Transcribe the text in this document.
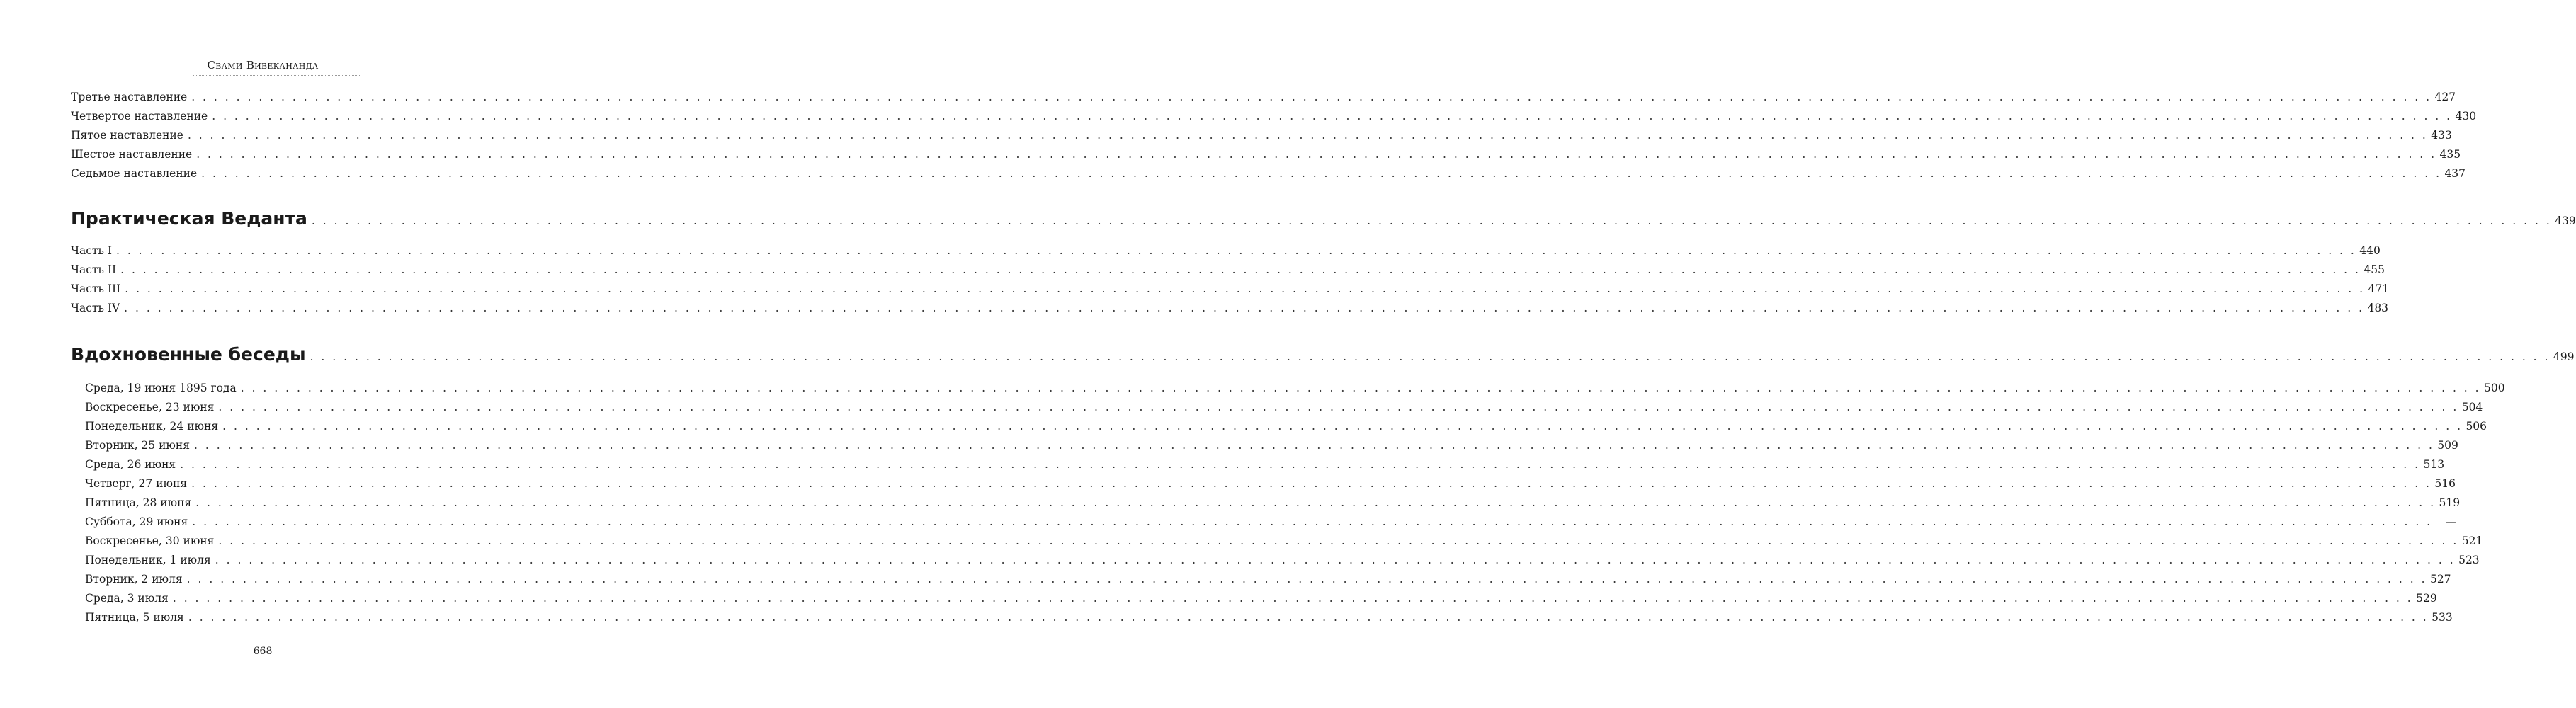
Свами Вивекананда
Третье наставление . . . . . . . . . . . . . . . . . . . . . . . . . . . . . . . . . . . . . . . . . . . . . . . . . . . . . . . . . . . . . . . . . . . . . . . . . . . . . . . . . . . . . . . . . . . . . . . . . . . . . . . . . . . . . . . . . . . . . . . . . . . . . . . . . . . . . . . . . . . . . . . . . . . . . . . . . . . . . . . . . . . . . . . . . . . . . . . . . . . . . . . . . . . . . . . . . . . . . . . . 427
Четвертое наставление . . . . . . . . . . . . . . . . . . . . . . . . . . . . . . . . . . . . . . . . . . . . . . . . . . . . . . . . . . . . . . . . . . . . . . . . . . . . . . . . . . . . . . . . . . . . . . . . . . . . . . . . . . . . . . . . . . . . . . . . . . . . . . . . . . . . . . . . . . . . . . . . . . . . . . . . . . . . . . . . . . . . . . . . . . . . . . . . . . . . . . . . . . . . . . . . . . . . . . . . 430
Пятое наставление . . . . . . . . . . . . . . . . . . . . . . . . . . . . . . . . . . . . . . . . . . . . . . . . . . . . . . . . . . . . . . . . . . . . . . . . . . . . . . . . . . . . . . . . . . . . . . . . . . . . . . . . . . . . . . . . . . . . . . . . . . . . . . . . . . . . . . . . . . . . . . . . . . . . . . . . . . . . . . . . . . . . . . . . . . . . . . . . . . . . . . . . . . . . . . . . . . . . . . . . 433
Шестое наставление . . . . . . . . . . . . . . . . . . . . . . . . . . . . . . . . . . . . . . . . . . . . . . . . . . . . . . . . . . . . . . . . . . . . . . . . . . . . . . . . . . . . . . . . . . . . . . . . . . . . . . . . . . . . . . . . . . . . . . . . . . . . . . . . . . . . . . . . . . . . . . . . . . . . . . . . . . . . . . . . . . . . . . . . . . . . . . . . . . . . . . . . . . . . . . . . . . . . . . . . 435
Седьмое наставление . . . . . . . . . . . . . . . . . . . . . . . . . . . . . . . . . . . . . . . . . . . . . . . . . . . . . . . . . . . . . . . . . . . . . . . . . . . . . . . . . . . . . . . . . . . . . . . . . . . . . . . . . . . . . . . . . . . . . . . . . . . . . . . . . . . . . . . . . . . . . . . . . . . . . . . . . . . . . . . . . . . . . . . . . . . . . . . . . . . . . . . . . . . . . . . . . . . . . . . . 437
Практическая Веданта . . . . . . . . . . . . . . . . . . . . . . . . . . . . . . . . . . . . . . . . . . . . . . . . . . . . . . . . . . . . . . . . . . . . . . . . . . . . . . . . . . . . . . . . . . . . . . . . . . . . . . . . . . . . . . . . . . . . . . . . . . . . . . . . . . . . . . . . . . . . . . . . . . . . . . . . . . . . . . . . . . . . . . . . . . . . . . . . . . . . . . . . . . . . . . . . . . . . . . . . 439
Часть I . . . . . . . . . . . . . . . . . . . . . . . . . . . . . . . . . . . . . . . . . . . . . . . . . . . . . . . . . . . . . . . . . . . . . . . . . . . . . . . . . . . . . . . . . . . . . . . . . . . . . . . . . . . . . . . . . . . . . . . . . . . . . . . . . . . . . . . . . . . . . . . . . . . . . . . . . . . . . . . . . . . . . . . . . . . . . . . . . . . . . . . . . . . . . . . . . . . . . . . . 440
Часть II . . . . . . . . . . . . . . . . . . . . . . . . . . . . . . . . . . . . . . . . . . . . . . . . . . . . . . . . . . . . . . . . . . . . . . . . . . . . . . . . . . . . . . . . . . . . . . . . . . . . . . . . . . . . . . . . . . . . . . . . . . . . . . . . . . . . . . . . . . . . . . . . . . . . . . . . . . . . . . . . . . . . . . . . . . . . . . . . . . . . . . . . . . . . . . . . . . . . . . . . 455
Часть III . . . . . . . . . . . . . . . . . . . . . . . . . . . . . . . . . . . . . . . . . . . . . . . . . . . . . . . . . . . . . . . . . . . . . . . . . . . . . . . . . . . . . . . . . . . . . . . . . . . . . . . . . . . . . . . . . . . . . . . . . . . . . . . . . . . . . . . . . . . . . . . . . . . . . . . . . . . . . . . . . . . . . . . . . . . . . . . . . . . . . . . . . . . . . . . . . . . . . . . . 471
Часть IV . . . . . . . . . . . . . . . . . . . . . . . . . . . . . . . . . . . . . . . . . . . . . . . . . . . . . . . . . . . . . . . . . . . . . . . . . . . . . . . . . . . . . . . . . . . . . . . . . . . . . . . . . . . . . . . . . . . . . . . . . . . . . . . . . . . . . . . . . . . . . . . . . . . . . . . . . . . . . . . . . . . . . . . . . . . . . . . . . . . . . . . . . . . . . . . . . . . . . . . . 483
Вдохновенные беседы . . . . . . . . . . . . . . . . . . . . . . . . . . . . . . . . . . . . . . . . . . . . . . . . . . . . . . . . . . . . . . . . . . . . . . . . . . . . . . . . . . . . . . . . . . . . . . . . . . . . . . . . . . . . . . . . . . . . . . . . . . . . . . . . . . . . . . . . . . . . . . . . . . . . . . . . . . . . . . . . . . . . . . . . . . . . . . . . . . . . . . . . . . . . . . . . . . . . . . . . 499
Среда, 19 июня 1895 года . . . . . . . . . . . . . . . . . . . . . . . . . . . . . . . . . . . . . . . . . . . . . . . . . . . . . . . . . . . . . . . . . . . . . . . . . . . . . . . . . . . . . . . . . . . . . . . . . . . . . . . . . . . . . . . . . . . . . . . . . . . . . . . . . . . . . . . . . . . . . . . . . . . . . . . . . . . . . . . . . . . . . . . . . . . . . . . . . . . . . . . . . . . . . . . . . . . . . . . . 500
Воскресенье, 23 июня . . . . . . . . . . . . . . . . . . . . . . . . . . . . . . . . . . . . . . . . . . . . . . . . . . . . . . . . . . . . . . . . . . . . . . . . . . . . . . . . . . . . . . . . . . . . . . . . . . . . . . . . . . . . . . . . . . . . . . . . . . . . . . . . . . . . . . . . . . . . . . . . . . . . . . . . . . . . . . . . . . . . . . . . . . . . . . . . . . . . . . . . . . . . . . . . . . . . . . . . 504
Понедельник, 24 июня . . . . . . . . . . . . . . . . . . . . . . . . . . . . . . . . . . . . . . . . . . . . . . . . . . . . . . . . . . . . . . . . . . . . . . . . . . . . . . . . . . . . . . . . . . . . . . . . . . . . . . . . . . . . . . . . . . . . . . . . . . . . . . . . . . . . . . . . . . . . . . . . . . . . . . . . . . . . . . . . . . . . . . . . . . . . . . . . . . . . . . . . . . . . . . . . . . . . . . . . 506
Вторник, 25 июня . . . . . . . . . . . . . . . . . . . . . . . . . . . . . . . . . . . . . . . . . . . . . . . . . . . . . . . . . . . . . . . . . . . . . . . . . . . . . . . . . . . . . . . . . . . . . . . . . . . . . . . . . . . . . . . . . . . . . . . . . . . . . . . . . . . . . . . . . . . . . . . . . . . . . . . . . . . . . . . . . . . . . . . . . . . . . . . . . . . . . . . . . . . . . . . . . . . . . . . . 509
Среда, 26 июня . . . . . . . . . . . . . . . . . . . . . . . . . . . . . . . . . . . . . . . . . . . . . . . . . . . . . . . . . . . . . . . . . . . . . . . . . . . . . . . . . . . . . . . . . . . . . . . . . . . . . . . . . . . . . . . . . . . . . . . . . . . . . . . . . . . . . . . . . . . . . . . . . . . . . . . . . . . . . . . . . . . . . . . . . . . . . . . . . . . . . . . . . . . . . . . . . . . . . . . . 513
Четверг, 27 июня . . . . . . . . . . . . . . . . . . . . . . . . . . . . . . . . . . . . . . . . . . . . . . . . . . . . . . . . . . . . . . . . . . . . . . . . . . . . . . . . . . . . . . . . . . . . . . . . . . . . . . . . . . . . . . . . . . . . . . . . . . . . . . . . . . . . . . . . . . . . . . . . . . . . . . . . . . . . . . . . . . . . . . . . . . . . . . . . . . . . . . . . . . . . . . . . . . . . . . . . 516
Пятница, 28 июня . . . . . . . . . . . . . . . . . . . . . . . . . . . . . . . . . . . . . . . . . . . . . . . . . . . . . . . . . . . . . . . . . . . . . . . . . . . . . . . . . . . . . . . . . . . . . . . . . . . . . . . . . . . . . . . . . . . . . . . . . . . . . . . . . . . . . . . . . . . . . . . . . . . . . . . . . . . . . . . . . . . . . . . . . . . . . . . . . . . . . . . . . . . . . . . . . . . . . . . . 519
Суббота, 29 июня . . . . . . . . . . . . . . . . . . . . . . . . . . . . . . . . . . . . . . . . . . . . . . . . . . . . . . . . . . . . . . . . . . . . . . . . . . . . . . . . . . . . . . . . . . . . . . . . . . . . . . . . . . . . . . . . . . . . . . . . . . . . . . . . . . . . . . . . . . . . . . . . . . . . . . . . . . . . . . . . . . . . . . . . . . . . . . . . . . . . . . . . . . . . . . . . . . . . . . . .	—
Воскресенье, 30 июня . . . . . . . . . . . . . . . . . . . . . . . . . . . . . . . . . . . . . . . . . . . . . . . . . . . . . . . . . . . . . . . . . . . . . . . . . . . . . . . . . . . . . . . . . . . . . . . . . . . . . . . . . . . . . . . . . . . . . . . . . . . . . . . . . . . . . . . . . . . . . . . . . . . . . . . . . . . . . . . . . . . . . . . . . . . . . . . . . . . . . . . . . . . . . . . . . . . . . . . . 521
Понедельник, 1 июля . . . . . . . . . . . . . . . . . . . . . . . . . . . . . . . . . . . . . . . . . . . . . . . . . . . . . . . . . . . . . . . . . . . . . . . . . . . . . . . . . . . . . . . . . . . . . . . . . . . . . . . . . . . . . . . . . . . . . . . . . . . . . . . . . . . . . . . . . . . . . . . . . . . . . . . . . . . . . . . . . . . . . . . . . . . . . . . . . . . . . . . . . . . . . . . . . . . . . . . . 523
Вторник, 2 июля . . . . . . . . . . . . . . . . . . . . . . . . . . . . . . . . . . . . . . . . . . . . . . . . . . . . . . . . . . . . . . . . . . . . . . . . . . . . . . . . . . . . . . . . . . . . . . . . . . . . . . . . . . . . . . . . . . . . . . . . . . . . . . . . . . . . . . . . . . . . . . . . . . . . . . . . . . . . . . . . . . . . . . . . . . . . . . . . . . . . . . . . . . . . . . . . . . . . . . . . 527
Среда, 3 июля . . . . . . . . . . . . . . . . . . . . . . . . . . . . . . . . . . . . . . . . . . . . . . . . . . . . . . . . . . . . . . . . . . . . . . . . . . . . . . . . . . . . . . . . . . . . . . . . . . . . . . . . . . . . . . . . . . . . . . . . . . . . . . . . . . . . . . . . . . . . . . . . . . . . . . . . . . . . . . . . . . . . . . . . . . . . . . . . . . . . . . . . . . . . . . . . . . . . . . . . 529
Пятница, 5 июля . . . . . . . . . . . . . . . . . . . . . . . . . . . . . . . . . . . . . . . . . . . . . . . . . . . . . . . . . . . . . . . . . . . . . . . . . . . . . . . . . . . . . . . . . . . . . . . . . . . . . . . . . . . . . . . . . . . . . . . . . . . . . . . . . . . . . . . . . . . . . . . . . . . . . . . . . . . . . . . . . . . . . . . . . . . . . . . . . . . . . . . . . . . . . . . . . . . . . . . . 533
668
